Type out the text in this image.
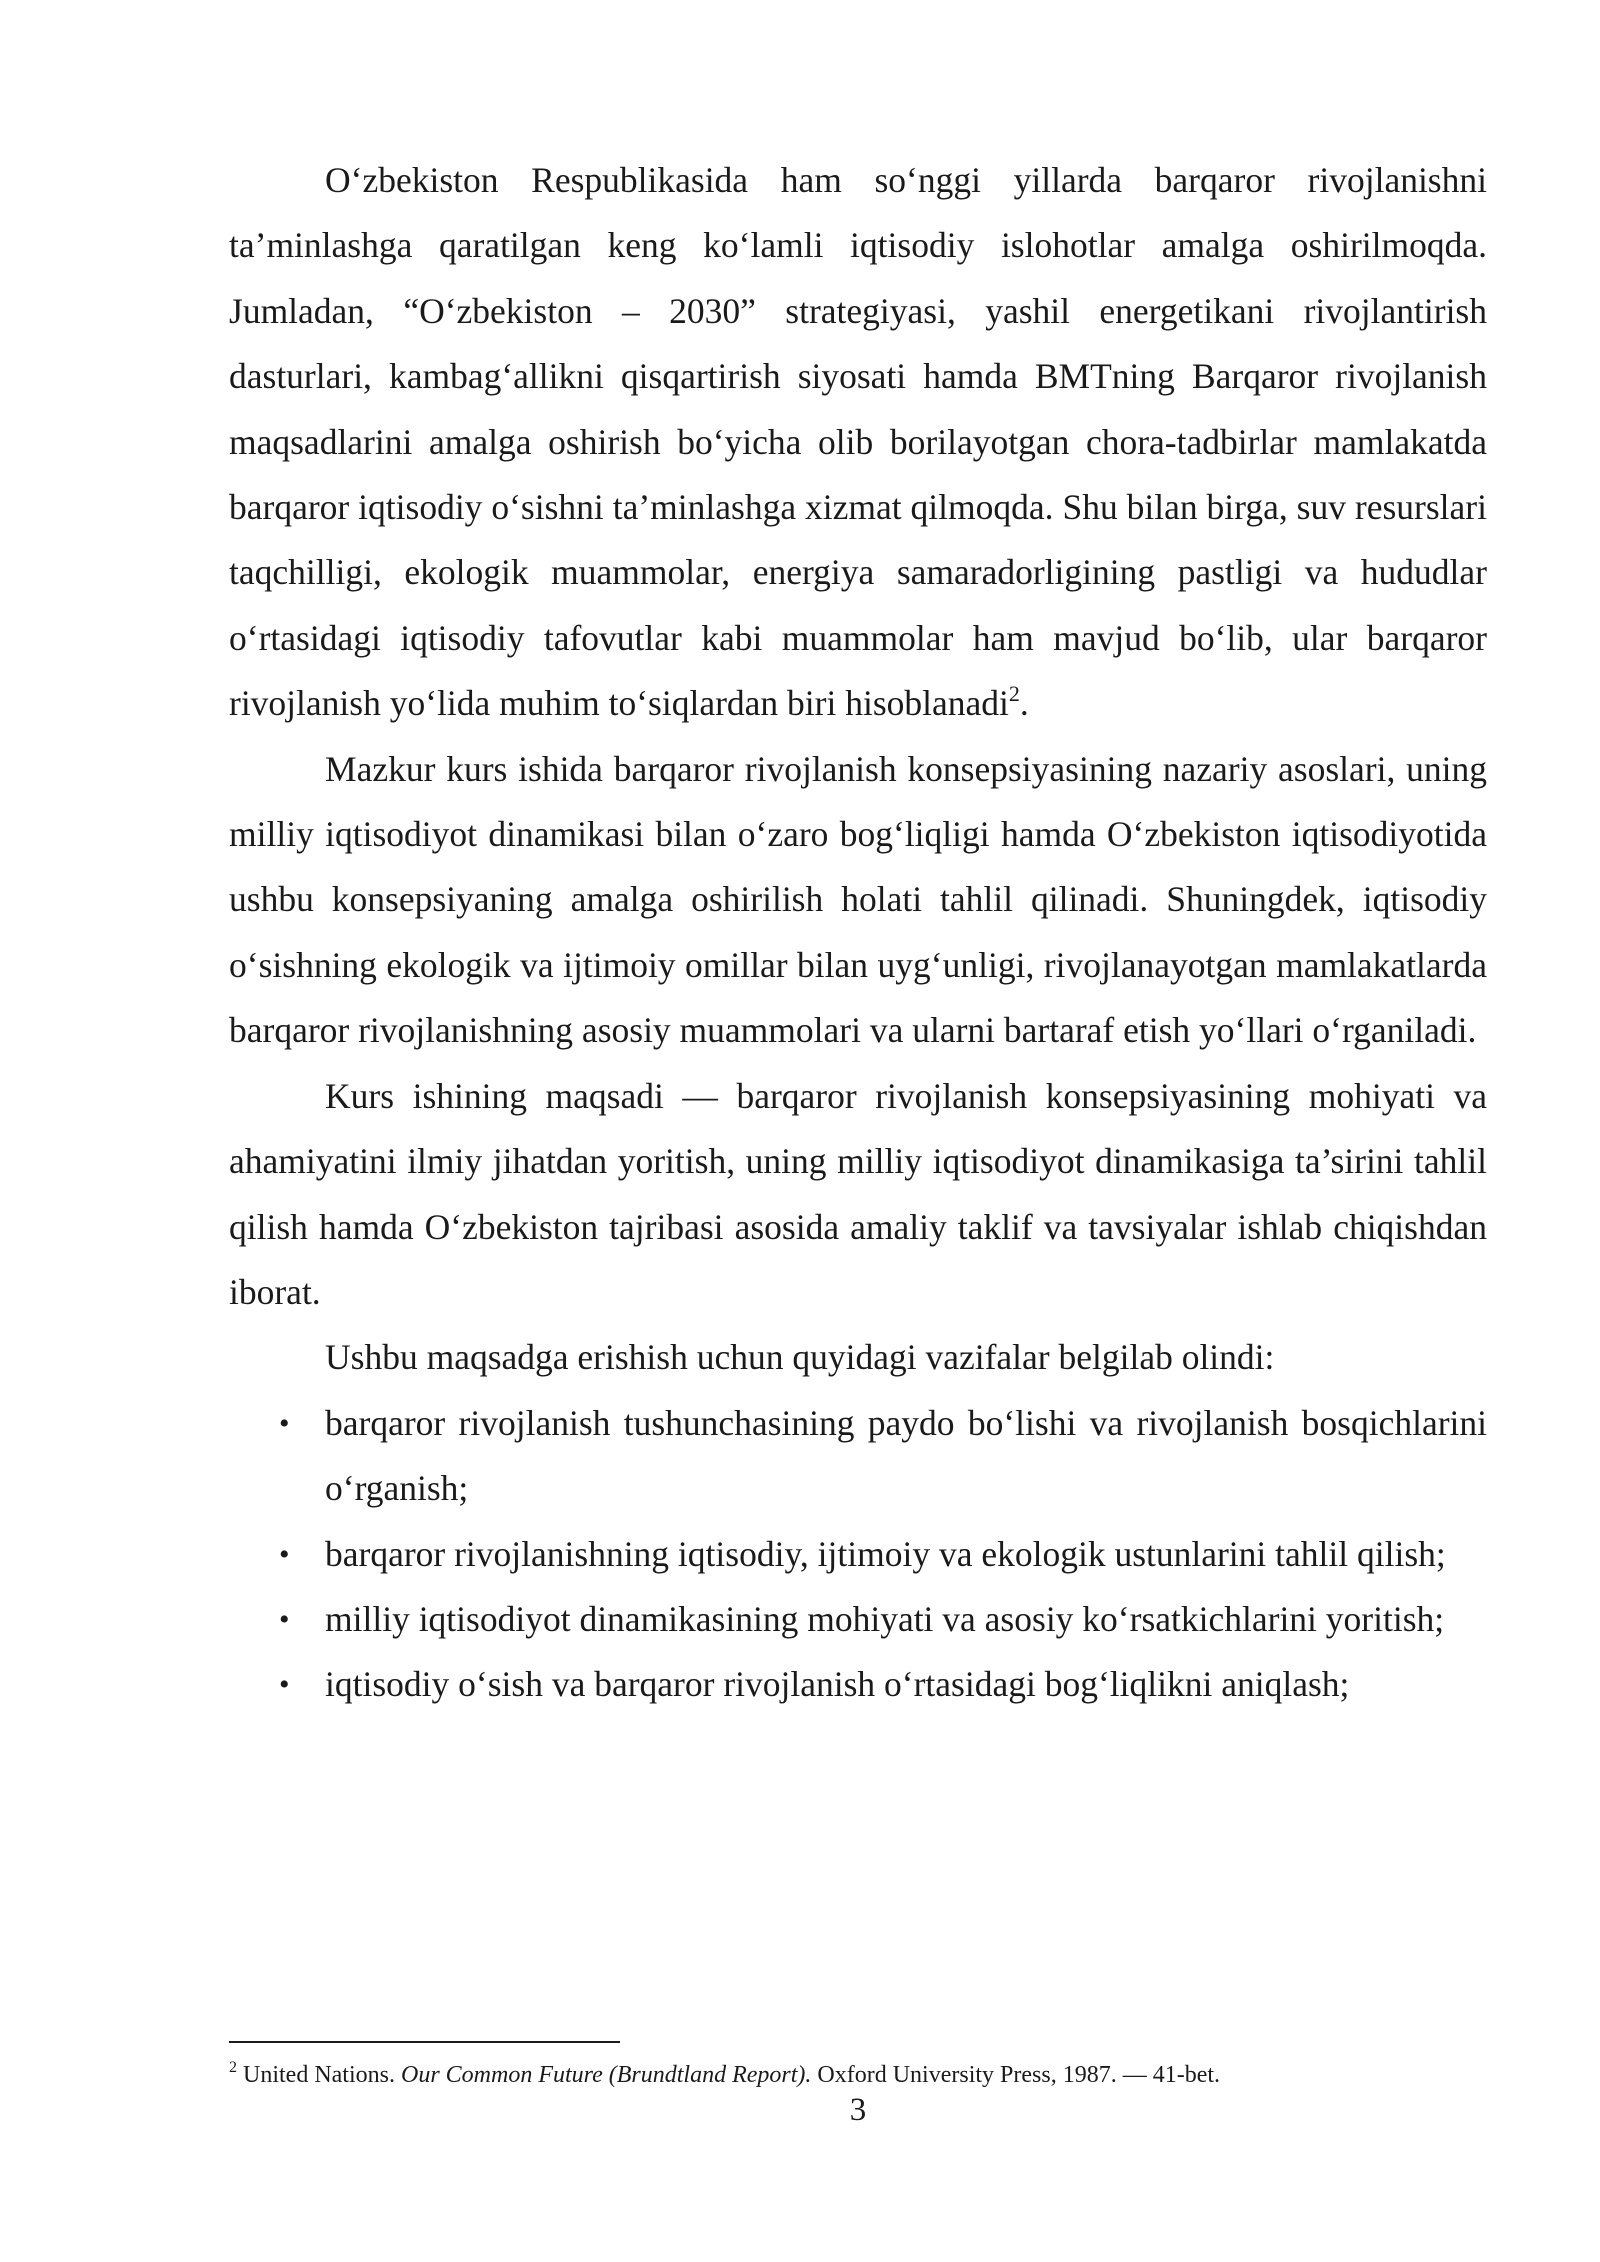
O‘zbekiston Respublikasida ham so‘nggi yillarda barqaror rivojlanishni ta’minlashga qaratilgan keng ko‘lamli iqtisodiy islohotlar amalga oshirilmoqda. Jumladan, “O‘zbekiston – 2030” strategiyasi, yashil energetikani rivojlantirish dasturlari, kambag‘allikni qisqartirish siyosati hamda BMTning Barqaror rivojlanish maqsadlarini amalga oshirish bo‘yicha olib borilayotgan chora-tadbirlar mamlakatda barqaror iqtisodiy o‘sishni ta’minlashga xizmat qilmoqda. Shu bilan birga, suv resurslari taqchilligi, ekologik muammolar, energiya samaradorligining pastligi va hududlar o‘rtasidagi iqtisodiy tafovutlar kabi muammolar ham mavjud bo‘lib, ular barqaror rivojlanish yo‘lida muhim to‘siqlardan biri hisoblanadi$^2$.

Mazkur kurs ishida barqaror rivojlanish konsepsiyasining nazariy asoslari, uning milliy iqtisodiyot dinamikasi bilan o‘zaro bog‘liqligi hamda O‘zbekiston iqtisodiyotida ushbu konsepsiyaning amalga oshirilish holati tahlil qilinadi. Shuningdek, iqtisodiy o‘sishning ekologik va ijtimoiy omillar bilan uyg‘unligi, rivojlanayotgan mamlakatlarda barqaror rivojlanishning asosiy muammolari va ularni bartaraf etish yo‘llari o‘rganiladi.

Kurs ishining maqsadi — barqaror rivojlanish konsepsiyasining mohiyati va ahamiyatini ilmiy jihatdan yoritish, uning milliy iqtisodiyot dinamikasiga ta’sirini tahlil qilish hamda O‘zbekiston tajribasi asosida amaliy taklif va tavsiyalar ishlab chiqishdan iborat.

Ushbu maqsadga erishish uchun quyidagi vazifalar belgilab olindi:

• barqaror rivojlanish tushunchasining paydo bo‘lishi va rivojlanish bosqichlarini o‘rganish;
• barqaror rivojlanishning iqtisodiy, ijtimoiy va ekologik ustunlarini tahlil qilish;
• milliy iqtisodiyot dinamikasining mohiyati va asosiy ko‘rsatkichlarini yoritish;
• iqtisodiy o‘sish va barqaror rivojlanish o‘rtasidagi bog‘liqlikni aniqlash;
$^2$ United Nations. Our Common Future (Brundtland Report). Oxford University Press, 1987. — 41-bet.
3
